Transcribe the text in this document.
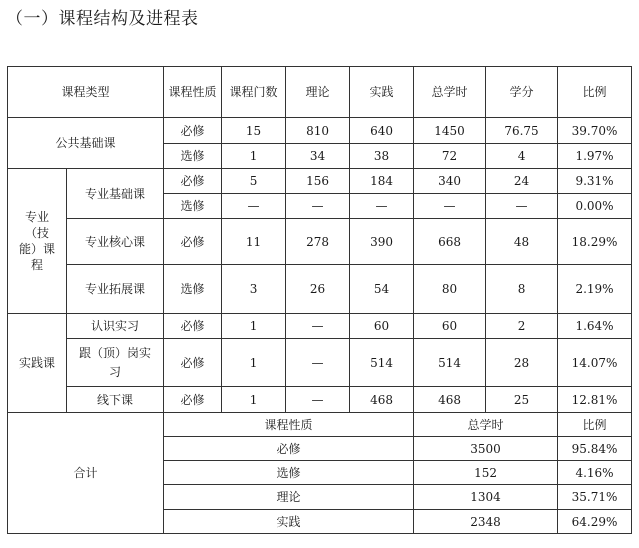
（一）课程结构及进程表
课程类型		课程性质	课程门数	理论	实践	总学时	学分	比例
公共基础课		必修	15	810	640	1450	76.75	39.70%
		选修	1	34	38	72	4	1.97%

专业（技能）课程	专业基础课	必修	5	156	184	340	24	9.31%
		选修	—	—	—	—	—	0.00%
	专业核心课	必修	11	278	390	668	48	18.29%
	专业拓展课	选修	3	26	54	80	8	2.19%
实践课	认识实习	必修	1	—	60	60	2	1.64%

	跟（顶）岗实习	必修	1	—	514	514	28	14.07%
	线下课	必修	1	—	468	468	25	12.81%
合计		课程性质				总学时		比例
		必修				3500		95.84%
		选修				152		4.16%
		理论				1304		35.71%
		实践				2348		64.29%
